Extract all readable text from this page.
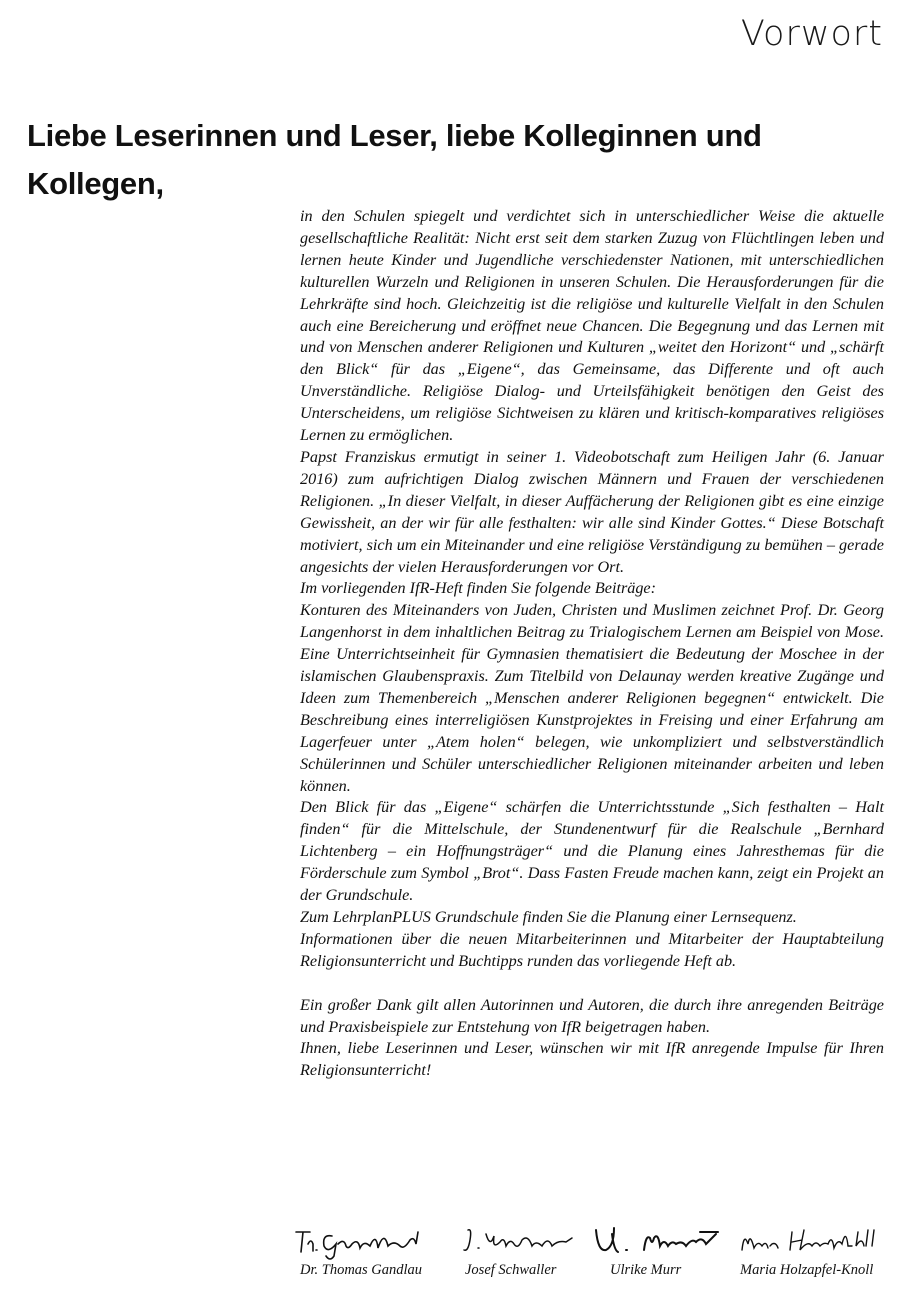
Vorwort
Liebe Leserinnen und Leser, liebe Kolleginnen und Kollegen,

in den Schulen spiegelt und verdichtet sich in unterschiedlicher Weise die aktuelle gesellschaftliche Realität: Nicht erst seit dem starken Zuzug von Flüchtlingen leben und lernen heute Kinder und Jugendliche verschiedenster Nationen, mit unterschiedlichen kulturellen Wurzeln und Religionen in unseren Schulen. Die Herausforderungen für die Lehrkräfte sind hoch. Gleichzeitig ist die religiöse und kulturelle Vielfalt in den Schulen auch eine Bereicherung und eröffnet neue Chancen. Die Begegnung und das Lernen mit und von Menschen anderer Religionen und Kulturen „weitet den Horizont“ und „schärft den Blick“ für das „Eigene“, das Gemeinsame, das Differente und oft auch Unverständliche. Religiöse Dialog- und Urteilsfähigkeit benötigen den Geist des Unterscheidens, um religiöse Sichtweisen zu klären und kritisch-komparatives religiöses Lernen zu ermöglichen.

Papst Franziskus ermutigt in seiner 1. Videobotschaft zum Heiligen Jahr (6. Januar 2016) zum aufrichtigen Dialog zwischen Männern und Frauen der verschiedenen Religionen. „In dieser Vielfalt, in dieser Auffächerung der Religionen gibt es eine einzige Gewissheit, an der wir für alle festhalten: wir alle sind Kinder Gottes.“ Diese Botschaft motiviert, sich um ein Miteinander und eine religiöse Verständigung zu bemühen – gerade angesichts der vielen Herausforderungen vor Ort.

Im vorliegenden IfR-Heft finden Sie folgende Beiträge:

Konturen des Miteinanders von Juden, Christen und Muslimen zeichnet Prof. Dr. Georg Langenhorst in dem inhaltlichen Beitrag zu Trialogischem Lernen am Beispiel von Mose. Eine Unterrichtseinheit für Gymnasien thematisiert die Bedeutung der Moschee in der islamischen Glaubenspraxis. Zum Titelbild von Delaunay werden kreative Zugänge und Ideen zum Themenbereich „Menschen anderer Religionen begegnen“ entwickelt. Die Beschreibung eines interreligiösen Kunstprojektes in Freising und einer Erfahrung am Lagerfeuer unter „Atem holen“ belegen, wie unkompliziert und selbstverständlich Schülerinnen und Schüler unterschiedlicher Religionen miteinander arbeiten und leben können.

Den Blick für das „Eigene“ schärfen die Unterrichtsstunde „Sich festhalten – Halt finden“ für die Mittelschule, der Stundenentwurf für die Realschule „Bernhard Lichtenberg – ein Hoffnungsträger“ und die Planung eines Jahresthemas für die Förderschule zum Symbol „Brot“. Dass Fasten Freude machen kann, zeigt ein Projekt an der Grundschule.

Zum LehrplanPLUS Grundschule finden Sie die Planung einer Lernsequenz.

Informationen über die neuen Mitarbeiterinnen und Mitarbeiter der Hauptabteilung Religionsunterricht und Buchtipps runden das vorliegende Heft ab.

Ein großer Dank gilt allen Autorinnen und Autoren, die durch ihre anregenden Beiträge und Praxisbeispiele zur Entstehung von IfR beigetragen haben.

Ihnen, liebe Leserinnen und Leser, wünschen wir mit IfR anregende Impulse für Ihren Religionsunterricht!

Dr. Thomas Gandlau	Josef Schwaller	Ulrike Murr	Maria Holzapfel-Knoll
